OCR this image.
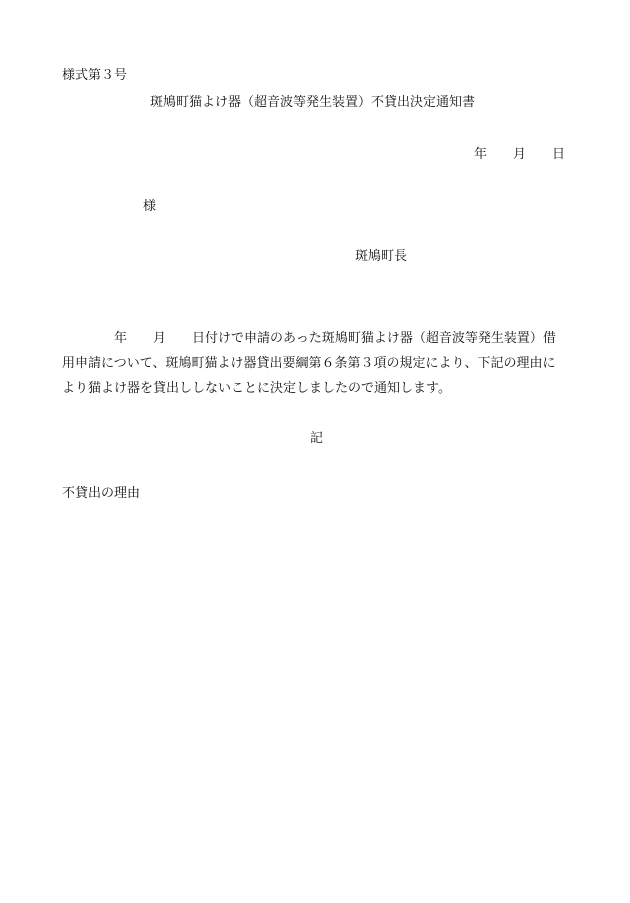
様式第３号
斑鳩町猫よけ器（超音波等発生装置）不貸出決定通知書
年 月 日
様
斑鳩町長
年 月 日付けで申請のあった斑鳩町猫よけ器（超音波等発生装置）借
用申請について、斑鳩町猫よけ器貸出要綱第６条第３項の規定により、下記の理由に
より猫よけ器を貸出ししないことに決定しましたので通知します。
記
不貸出の理由
